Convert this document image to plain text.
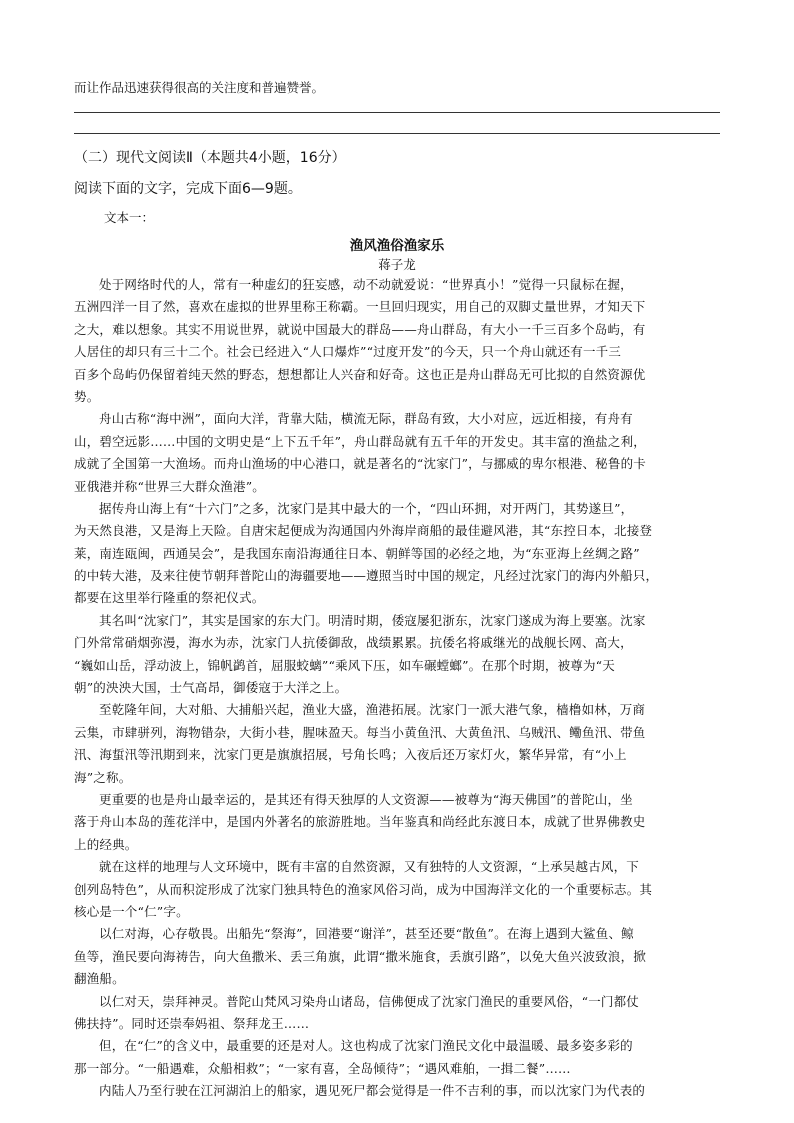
而让作品迅速获得很高的关注度和普遍赞誉。
（二）现代文阅读Ⅱ（本题共4小题，16分）
阅读下面的文字，完成下面6—9题。
文本一：
渔风渔俗渔家乐
蒋子龙
处于网络时代的人，常有一种虚幻的狂妄感，动不动就爱说：“世界真小！”觉得一只鼠标在握，
五洲四洋一目了然，喜欢在虚拟的世界里称王称霸。一旦回归现实，用自己的双脚丈量世界，才知天下
之大，难以想象。其实不用说世界，就说中国最大的群岛——舟山群岛，有大小一千三百多个岛屿，有
人居住的却只有三十二个。社会已经进入“人口爆炸”“过度开发”的今天，只一个舟山就还有一千三
百多个岛屿仍保留着纯天然的野态，想想都让人兴奋和好奇。这也正是舟山群岛无可比拟的自然资源优
势。
舟山古称“海中洲”，面向大洋，背靠大陆，横流无际，群岛有致，大小对应，远近相接，有舟有
山，碧空远影……中国的文明史是“上下五千年”，舟山群岛就有五千年的开发史。其丰富的渔盐之利，
成就了全国第一大渔场。而舟山渔场的中心港口，就是著名的“沈家门”，与挪威的卑尔根港、秘鲁的卡
亚俄港并称“世界三大群众渔港”。
据传舟山海上有“十六门”之多，沈家门是其中最大的一个，“四山环拥，对开两门，其势遂旦”，
为天然良港，又是海上天险。自唐宋起便成为沟通国内外海岸商船的最佳避风港，其“东控日本，北接登
莱，南连瓯闽，西通吴会”，是我国东南沿海通往日本、朝鲜等国的必经之地，为“东亚海上丝绸之路”
的中转大港，及来往使节朝拜普陀山的海疆要地——遵照当时中国的规定，凡经过沈家门的海内外船只，
都要在这里举行隆重的祭祀仪式。
其名叫“沈家门”，其实是国家的东大门。明清时期，倭寇屡犯浙东，沈家门遂成为海上要塞。沈家
门外常常硝烟弥漫，海水为赤，沈家门人抗倭御敌，战绩累累。抗倭名将戚继光的战舰长网、高大，
“巍如山岳，浮动波上，锦帆鹢首，屈服蛟螭”“乘风下压，如车碾螳螂”。在那个时期，被尊为“天
朝”的泱泱大国，士气高昂，御倭寇于大洋之上。
至乾隆年间，大对船、大捕船兴起，渔业大盛，渔港拓展。沈家门一派大港气象，樯橹如林，万商
云集，市肆骈列，海物错杂，大街小巷，腥味盈天。每当小黄鱼汛、大黄鱼汛、乌贼汛、鳓鱼汛、带鱼
汛、海蜇汛等汛期到来，沈家门更是旗旗招展，号角长鸣；入夜后还万家灯火，繁华异常，有“小上
海”之称。
更重要的也是舟山最幸运的，是其还有得天独厚的人文资源——被尊为“海天佛国”的普陀山，坐
落于舟山本岛的莲花洋中，是国内外著名的旅游胜地。当年鉴真和尚经此东渡日本，成就了世界佛教史
上的经典。
就在这样的地理与人文环境中，既有丰富的自然资源，又有独特的人文资源，“上承吴越古风，下
创列岛特色”，从而积淀形成了沈家门独具特色的渔家风俗习尚，成为中国海洋文化的一个重要标志。其
核心是一个“仁”字。
以仁对海，心存敬畏。出船先“祭海”，回港要“谢洋”，甚至还要“散鱼”。在海上遇到大鲨鱼、鲸
鱼等，渔民要向海祷告，向大鱼撒米、丢三角旗，此谓“撒米施食，丢旗引路”，以免大鱼兴波致浪，掀
翻渔船。
以仁对天，崇拜神灵。普陀山梵风习染舟山诸岛，信佛便成了沈家门渔民的重要风俗，“一门都仗
佛扶持”。同时还崇奉妈祖、祭拜龙王……
但，在“仁”的含义中，最重要的还是对人。这也构成了沈家门渔民文化中最温暖、最多姿多彩的
那一部分。“一船遇难，众船相救”；“一家有喜，全岛倾待”；“遇风难舶，一揖二餐”……
内陆人乃至行驶在江河湖泊上的船家，遇见死尸都会觉得是一件不吉利的事，而以沈家门为代表的
